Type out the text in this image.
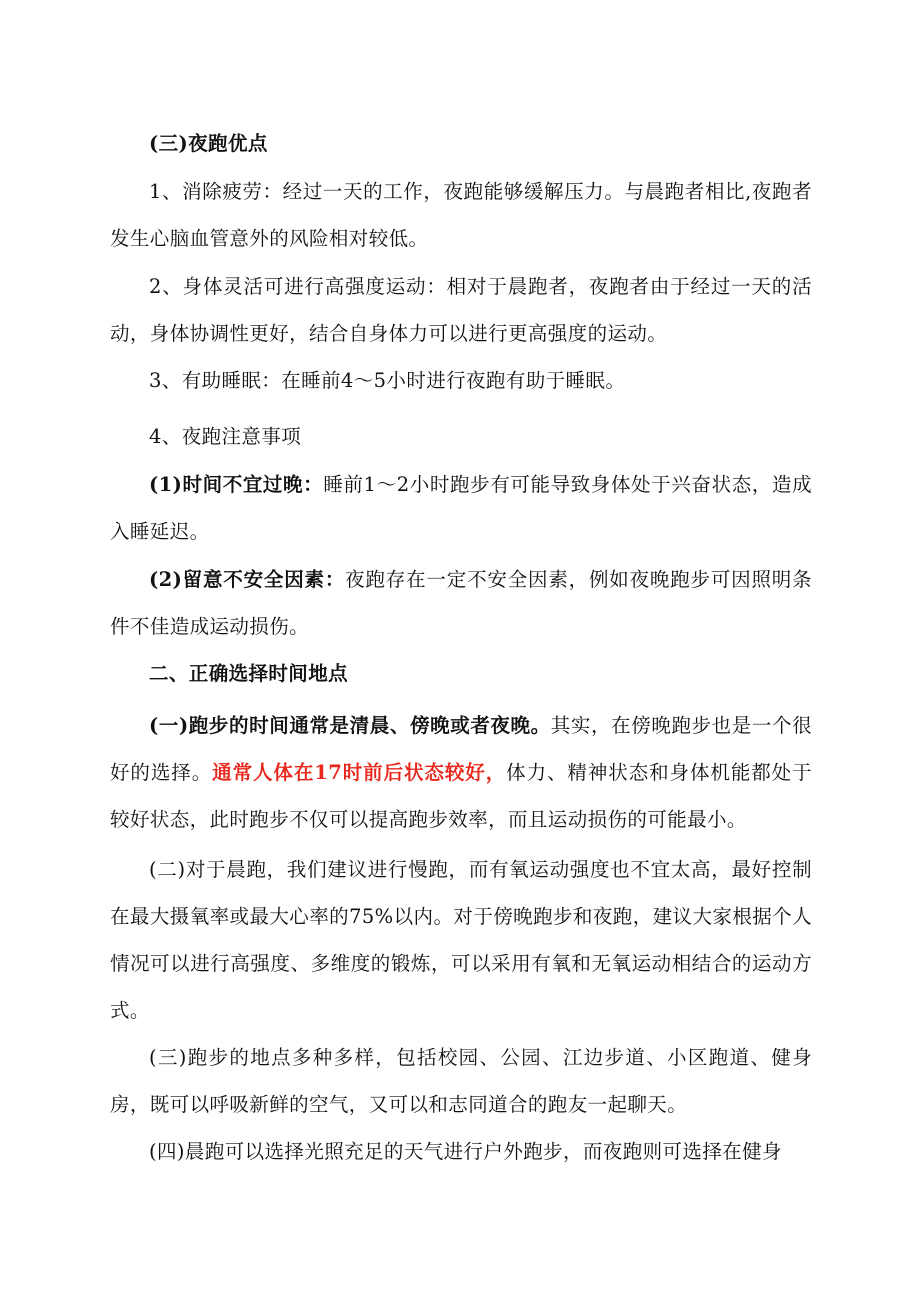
(三)夜跑优点

1、消除疲劳：经过一天的工作，夜跑能够缓解压力。与晨跑者相比,夜跑者发生心脑血管意外的风险相对较低。

2、身体灵活可进行高强度运动：相对于晨跑者，夜跑者由于经过一天的活动，身体协调性更好，结合自身体力可以进行更高强度的运动。

3、有助睡眠：在睡前4～5小时进行夜跑有助于睡眠。

4、夜跑注意事项

(1)时间不宜过晚：睡前1～2小时跑步有可能导致身体处于兴奋状态，造成入睡延迟。

(2)留意不安全因素：夜跑存在一定不安全因素，例如夜晚跑步可因照明条件不佳造成运动损伤。

二、正确选择时间地点

(一)跑步的时间通常是清晨、傍晚或者夜晚。其实，在傍晚跑步也是一个很好的选择。通常人体在17时前后状态较好，体力、精神状态和身体机能都处于较好状态，此时跑步不仅可以提高跑步效率，而且运动损伤的可能最小。

(二)对于晨跑，我们建议进行慢跑，而有氧运动强度也不宜太高，最好控制在最大摄氧率或最大心率的75%以内。对于傍晚跑步和夜跑，建议大家根据个人情况可以进行高强度、多维度的锻炼，可以采用有氧和无氧运动相结合的运动方式。

(三)跑步的地点多种多样，包括校园、公园、江边步道、小区跑道、健身房，既可以呼吸新鲜的空气，又可以和志同道合的跑友一起聊天。

(四)晨跑可以选择光照充足的天气进行户外跑步，而夜跑则可选择在健身
